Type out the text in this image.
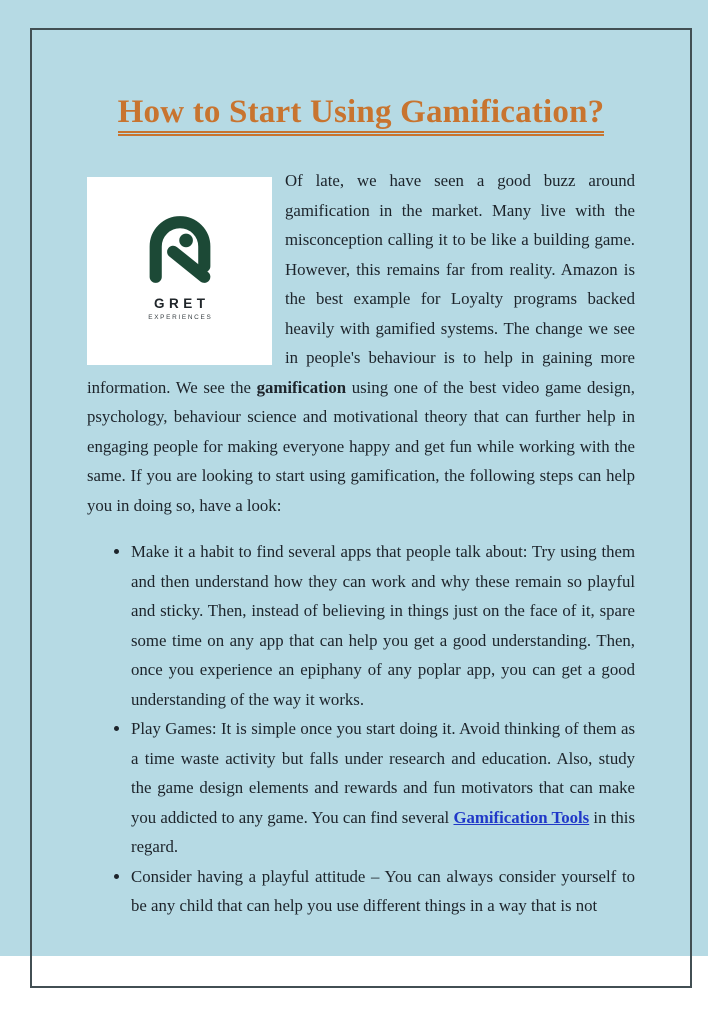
How to Start Using Gamification?
GRET
EXPERIENCES

Of late, we have seen a good buzz around gamification in the market. Many live with the misconception calling it to be like a building game. However, this remains far from reality. Amazon is the best example for Loyalty programs backed heavily with gamified systems. The change we see in people's behaviour is to help in gaining more information. We see the gamification using one of the best video game design, psychology, behaviour science and motivational theory that can further help in engaging people for making everyone happy and get fun while working with the same. If you are looking to start using gamification, the following steps can help you in doing so, have a look:

• Make it a habit to find several apps that people talk about: Try using them and then understand how they can work and why these remain so playful and sticky. Then, instead of believing in things just on the face of it, spare some time on any app that can help you get a good understanding. Then, once you experience an epiphany of any poplar app, you can get a good understanding of the way it works.
• Play Games: It is simple once you start doing it. Avoid thinking of them as a time waste activity but falls under research and education. Also, study the game design elements and rewards and fun motivators that can make you addicted to any game. You can find several Gamification Tools in this regard.
• Consider having a playful attitude – You can always consider yourself to be any child that can help you use different things in a way that is not
